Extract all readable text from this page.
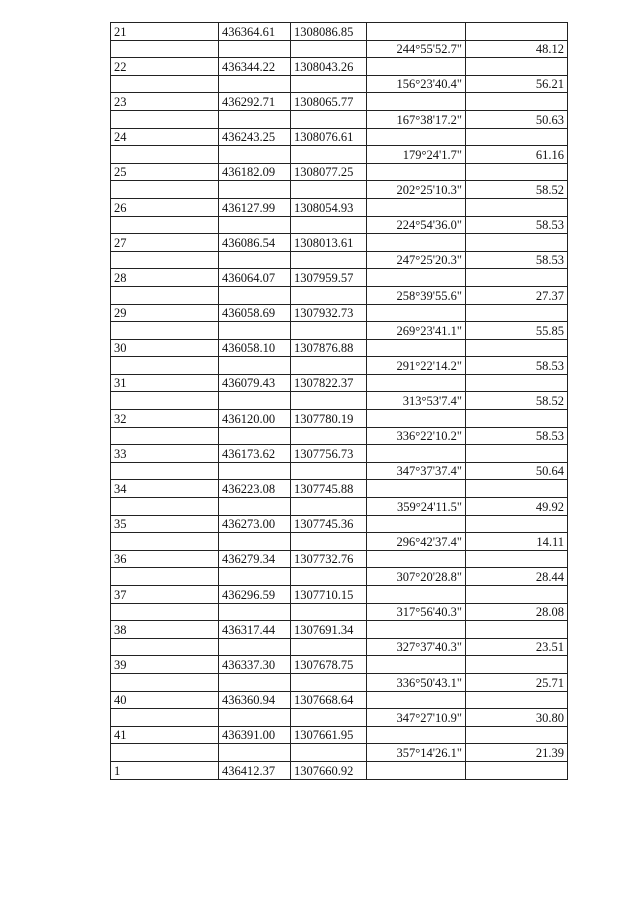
21	436364.61	1308086.85		
			244°55'52.7"	48.12
22	436344.22	1308043.26		
			156°23'40.4"	56.21
23	436292.71	1308065.77		
			167°38'17.2"	50.63
24	436243.25	1308076.61		
			179°24'1.7"	61.16
25	436182.09	1308077.25		
			202°25'10.3"	58.52
26	436127.99	1308054.93		
			224°54'36.0"	58.53
27	436086.54	1308013.61		
			247°25'20.3"	58.53
28	436064.07	1307959.57		
			258°39'55.6"	27.37
29	436058.69	1307932.73		
			269°23'41.1"	55.85
30	436058.10	1307876.88		
			291°22'14.2"	58.53
31	436079.43	1307822.37		
			313°53'7.4"	58.52
32	436120.00	1307780.19		
			336°22'10.2"	58.53
33	436173.62	1307756.73		
			347°37'37.4"	50.64
34	436223.08	1307745.88		
			359°24'11.5"	49.92
35	436273.00	1307745.36		
			296°42'37.4"	14.11
36	436279.34	1307732.76		
			307°20'28.8"	28.44
37	436296.59	1307710.15		
			317°56'40.3"	28.08
38	436317.44	1307691.34		
			327°37'40.3"	23.51
39	436337.30	1307678.75		
			336°50'43.1"	25.71
40	436360.94	1307668.64		
			347°27'10.9"	30.80
41	436391.00	1307661.95		
			357°14'26.1"	21.39
1	436412.37	1307660.92		
